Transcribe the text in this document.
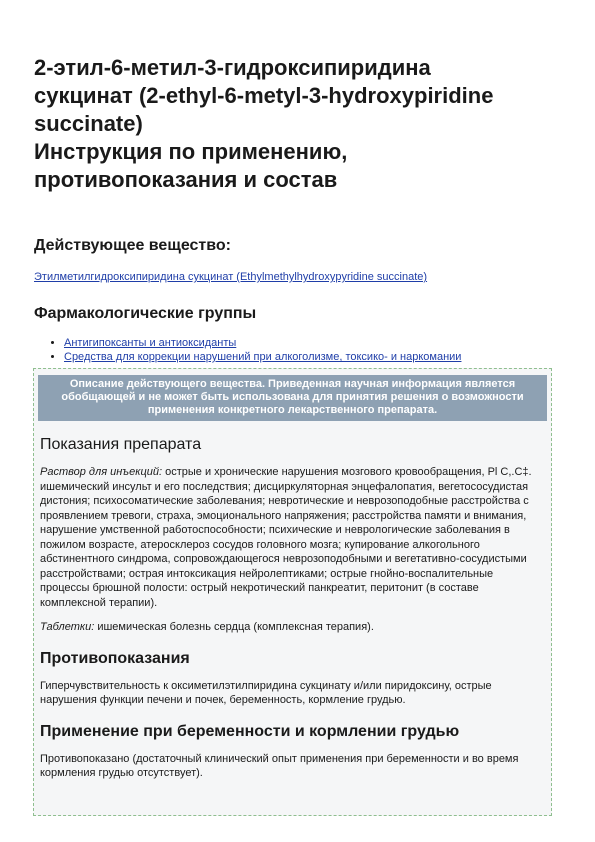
2-этил-6-метил-3-гидроксипиридина
сукцинат (2-ethyl-6-metyl-3-hydroxypiridine
succinate)
Инструкция по применению,
противопоказания и состав
Действующее вещество:
Этилметилгидроксипиридина сукцинат (Ethylmethylhydroxypyridine succinate)
Фармакологические группы
• Антигипоксанты и антиоксиданты
• Средства для коррекции нарушений при алкоголизме, токсико- и наркомании
Описание действующего вещества. Приведенная научная информация является обобщающей и не может быть использована для принятия решения о возможности применения конкретного лекарственного препарата.
Показания препарата

Раствор для инъекций: острые и хронические нарушения мозгового кровообращения, Pl C,.C‡. ишемический инсульт и его последствия; дисциркуляторная энцефалопатия, вегетососудистая дистония; психосоматические заболевания; невротические и неврозоподобные расстройства с проявлением тревоги, страха, эмоционального напряжения; расстройства памяти и внимания, нарушение умственной работоспособности; психические и неврологические заболевания в пожилом возрасте, атеросклероз сосудов головного мозга; купирование алкогольного абстинентного синдрома, сопровождающегося неврозоподобными и вегетативно-сосудистыми расстройствами; острая интоксикация нейролептиками; острые гнойно-воспалительные процессы брюшной полости: острый некротический панкреатит, перитонит (в составе комплексной терапии).

Таблетки: ишемическая болезнь сердца (комплексная терапия).

Противопоказания

Гиперчувствительность к оксиметилэтилпиридина сукцинату и/или пиридоксину, острые нарушения функции печени и почек, беременность, кормление грудью.

Применение при беременности и кормлении грудью

Противопоказано (достаточный клинический опыт применения при беременности и во время кормления грудью отсутствует).
